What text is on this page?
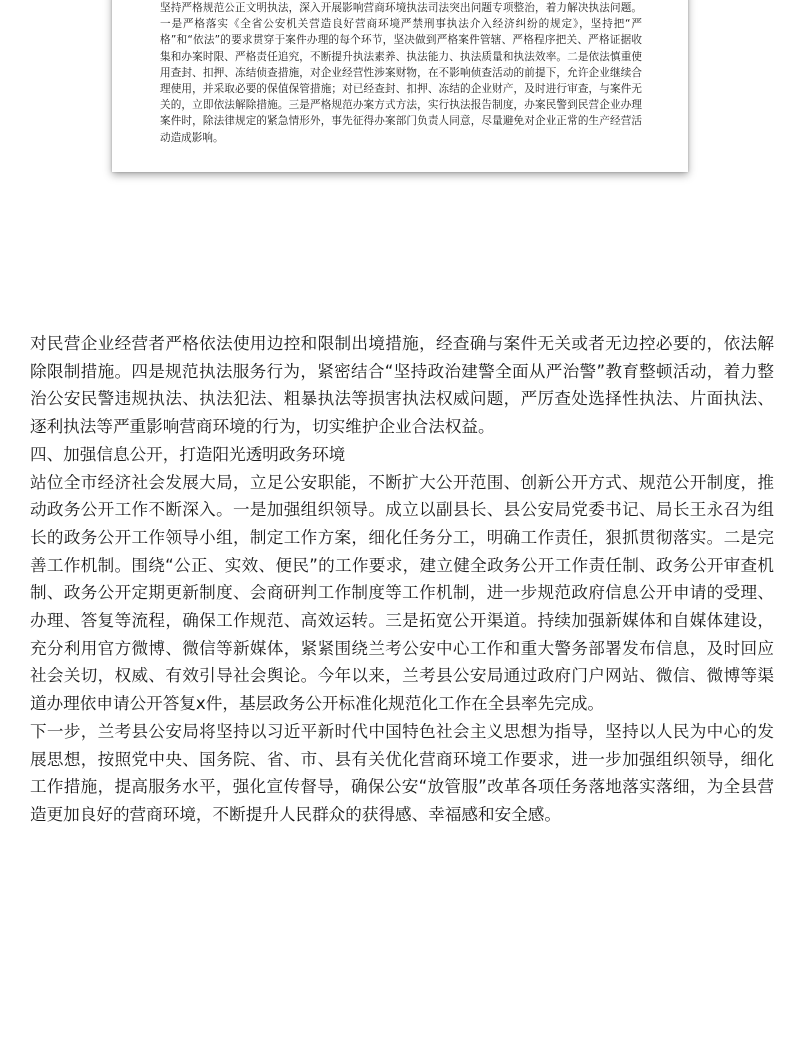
坚持严格规范公正文明执法，深入开展影响营商环境执法司法突出问题专项整治，着力解决执法问题。一是严格落实《全省公安机关营造良好营商环境严禁刑事执法介入经济纠纷的规定》，坚持把“严格”和“依法”的要求贯穿于案件办理的每个环节，坚决做到严格案件管辖、严格程序把关、严格证据收集和办案时限、严格责任追究，不断提升执法素养、执法能力、执法质量和执法效率。二是依法慎重使用查封、扣押、冻结侦查措施，对企业经营性涉案财物，在不影响侦查活动的前提下，允许企业继续合理使用，并采取必要的保值保管措施；对已经查封、扣押、冻结的企业财产，及时进行审查，与案件无关的，立即依法解除措施。三是严格规范办案方式方法，实行执法报告制度，办案民警到民营企业办理案件时，除法律规定的紧急情形外，事先征得办案部门负责人同意，尽量避免对企业正常的生产经营活动造成影响。

对民营企业经营者严格依法使用边控和限制出境措施，经查确与案件无关或者无边控必要的，依法解除限制措施。四是规范执法服务行为，紧密结合“坚持政治建警全面从严治警”教育整顿活动，着力整治公安民警违规执法、执法犯法、粗暴执法等损害执法权威问题，严厉查处选择性执法、片面执法、逐利执法等严重影响营商环境的行为，切实维护企业合法权益。

四、加强信息公开，打造阳光透明政务环境

站位全市经济社会发展大局，立足公安职能，不断扩大公开范围、创新公开方式、规范公开制度，推动政务公开工作不断深入。一是加强组织领导。成立以副县长、县公安局党委书记、局长王永召为组长的政务公开工作领导小组，制定工作方案，细化任务分工，明确工作责任，狠抓贯彻落实。二是完善工作机制。围绕“公正、实效、便民”的工作要求，建立健全政务公开工作责任制、政务公开审查机制、政务公开定期更新制度、会商研判工作制度等工作机制，进一步规范政府信息公开申请的受理、办理、答复等流程，确保工作规范、高效运转。三是拓宽公开渠道。持续加强新媒体和自媒体建设，充分利用官方微博、微信等新媒体，紧紧围绕兰考公安中心工作和重大警务部署发布信息，及时回应社会关切，权威、有效引导社会舆论。今年以来，兰考县公安局通过政府门户网站、微信、微博等渠道办理依申请公开答复x件，基层政务公开标准化规范化工作在全县率先完成。

下一步，兰考县公安局将坚持以习近平新时代中国特色社会主义思想为指导，坚持以人民为中心的发展思想，按照党中央、国务院、省、市、县有关优化营商环境工作要求，进一步加强组织领导，细化工作措施，提高服务水平，强化宣传督导，确保公安“放管服”改革各项任务落地落实落细，为全县营造更加良好的营商环境，不断提升人民群众的获得感、幸福感和安全感。
